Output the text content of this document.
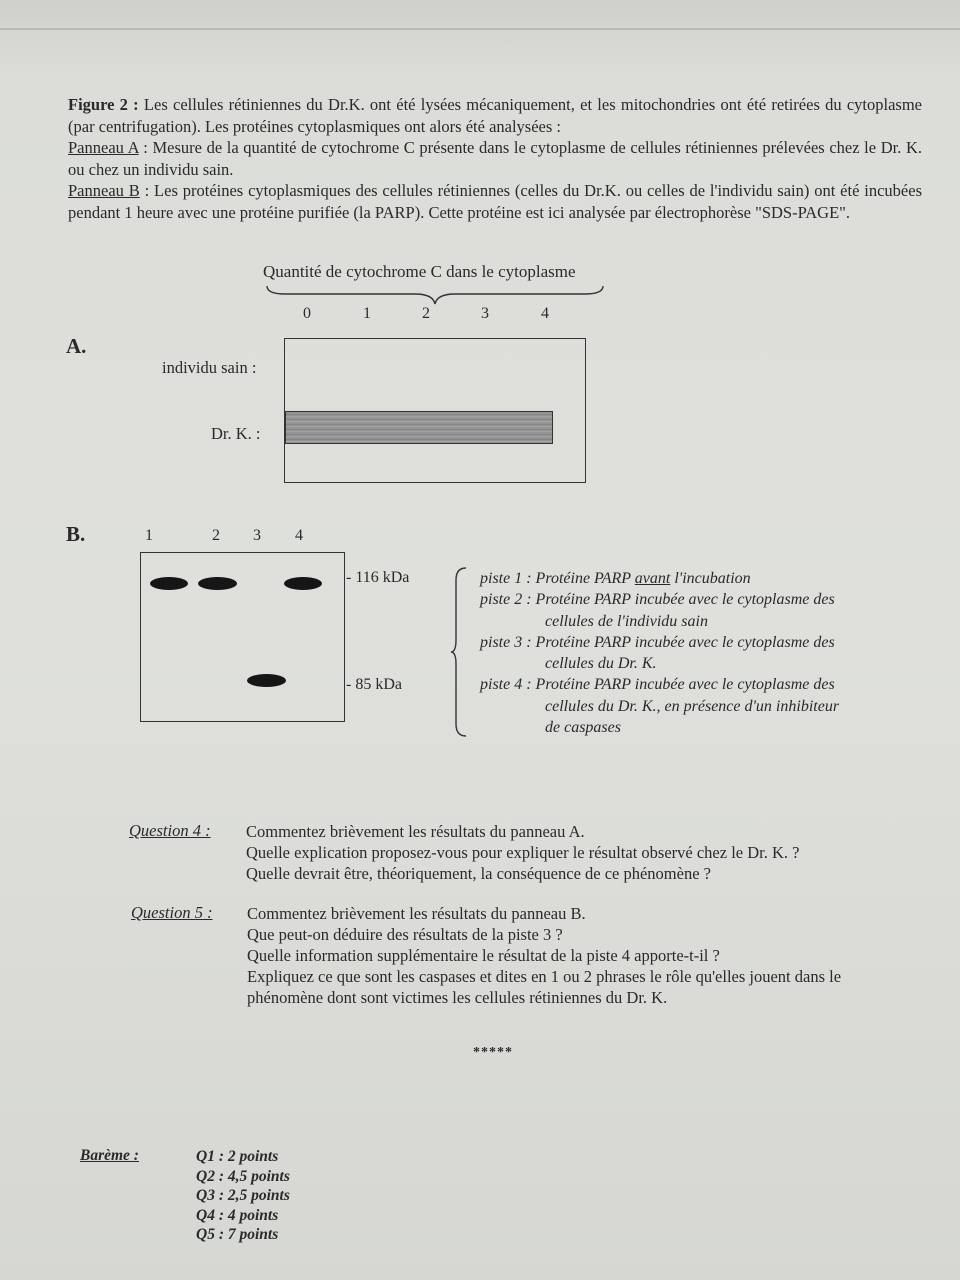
Figure 2 : Les cellules rétiniennes du Dr.K. ont été lysées mécaniquement, et les mitochondries ont été retirées du cytoplasme (par centrifugation). Les protéines cytoplasmiques ont alors été analysées :

Panneau A : Mesure de la quantité de cytochrome C présente dans le cytoplasme de cellules rétiniennes prélevées chez le Dr. K. ou chez un individu sain.

Panneau B : Les protéines cytoplasmiques des cellules rétiniennes (celles du Dr.K. ou celles de l'individu sain) ont été incubées pendant 1 heure avec une protéine purifiée (la PARP). Cette protéine est ici analysée par électrophorèse "SDS-PAGE".

Quantité de cytochrome C dans le cytoplasme
0	1	2	3	4
A.
individu sain :
Dr. K. :
B.	1	2 3 4
- 116 kDa
- 85 kDa
piste 1 : Protéine PARP avant l'incubation
piste 2 : Protéine PARP incubée avec le cytoplasme des
cellules de l'individu sain
piste 3 : Protéine PARP incubée avec le cytoplasme des
cellules du Dr. K.
piste 4 : Protéine PARP incubée avec le cytoplasme des
cellules du Dr. K., en présence d'un inhibiteur
de caspases
Question 4 : Commentez brièvement les résultats du panneau A.
Quelle explication proposez-vous pour expliquer le résultat observé chez le Dr. K. ?
Quelle devrait être, théoriquement, la conséquence de ce phénomène ?
Question 5 : Commentez brièvement les résultats du panneau B.
Que peut-on déduire des résultats de la piste 3 ?
Quelle information supplémentaire le résultat de la piste 4 apporte-t-il ?
Expliquez ce que sont les caspases et dites en 1 ou 2 phrases le rôle qu'elles jouent dans le
phénomène dont sont victimes les cellules rétiniennes du Dr. K.
*****
Barème :	Q1 : 2 points
Q2 : 4,5 points
Q3 : 2,5 points
Q4 : 4 points
Q5 : 7 points
